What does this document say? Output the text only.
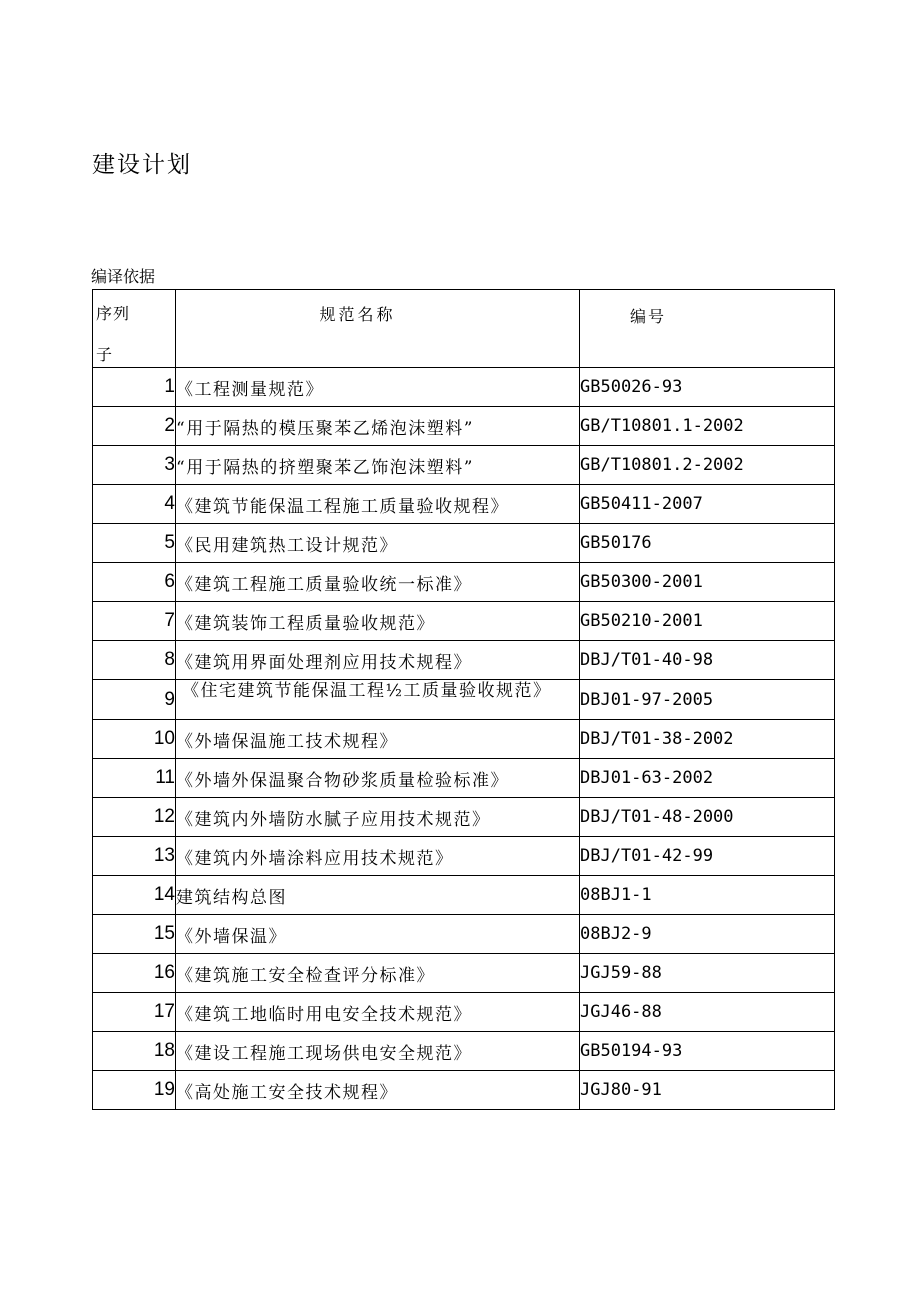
建设计划
编译依据
序列
子	规范名称	编号
1	《工程测量规范》	GB50026-93
2	“用于隔热的模压聚苯乙烯泡沫塑料”	GB/T10801.1-2002
3	“用于隔热的挤塑聚苯乙饰泡沫塑料”	GB/T10801.2-2002
4	《建筑节能保温工程施工质量验收规程》	GB50411-2007
5	《民用建筑热工设计规范》	GB50176
6	《建筑工程施工质量验收统一标准》	GB50300-2001
7	《建筑装饰工程质量验收规范》	GB50210-2001
8	《建筑用界面处理剂应用技术规程》	DBJ/T01-40-98
9	《住宅建筑节能保温工程½工质量验收规范》	DBJ01-97-2005
10	《外墙保温施工技术规程》	DBJ/T01-38-2002
11	《外墙外保温聚合物砂浆质量检验标准》	DBJ01-63-2002
12	《建筑内外墙防水腻子应用技术规范》	DBJ/T01-48-2000
13	《建筑内外墙涂料应用技术规范》	DBJ/T01-42-99
14	建筑结构总图	08BJ1-1
15	《外墙保温》	08BJ2-9
16	《建筑施工安全检查评分标准》	JGJ59-88
17	《建筑工地临时用电安全技术规范》	JGJ46-88
18	《建设工程施工现场供电安全规范》	GB50194-93
19	《高处施工安全技术规程》	JGJ80-91
